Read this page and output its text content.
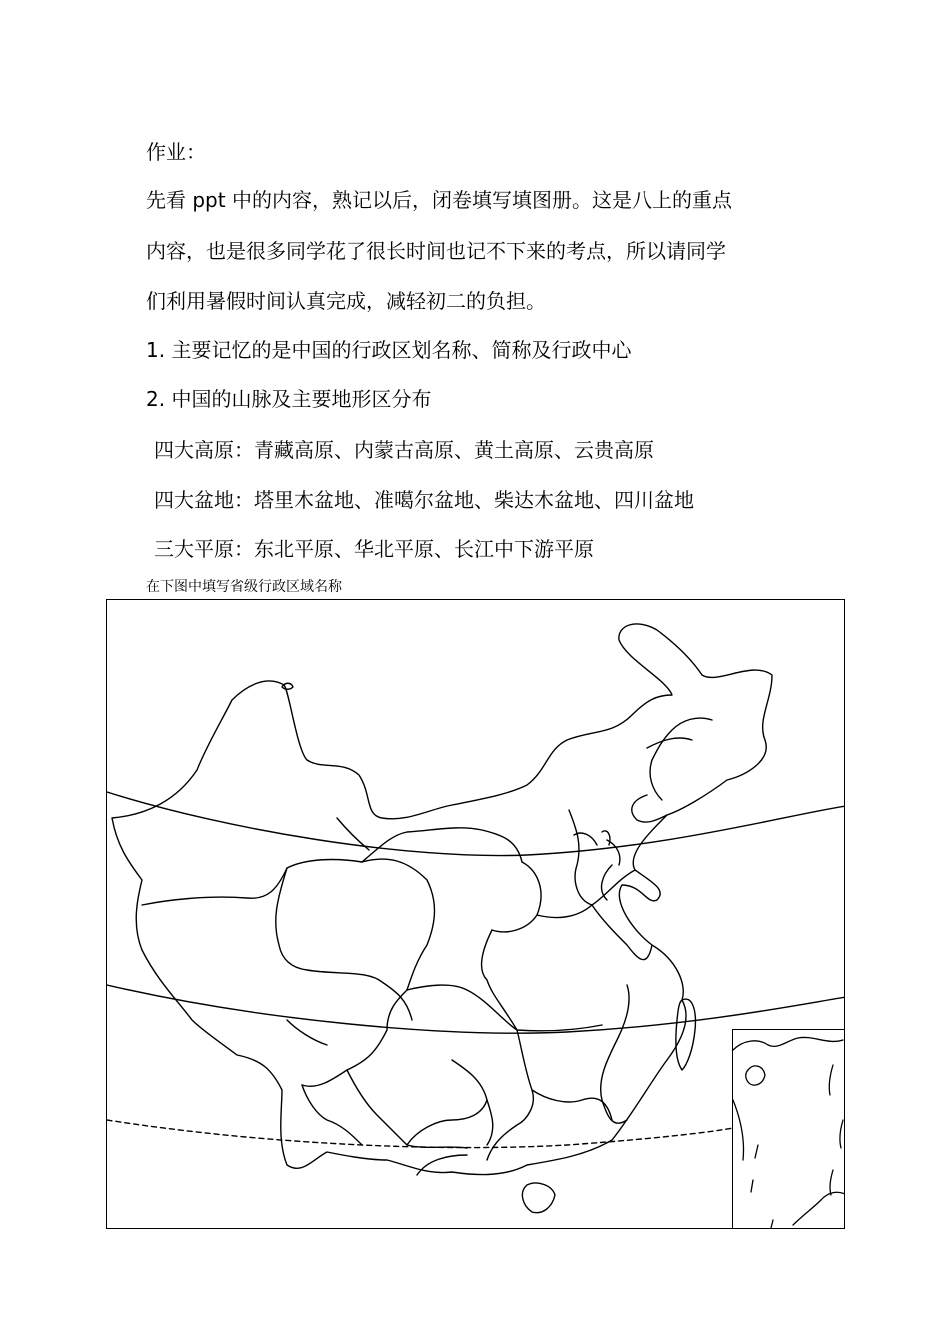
作业：
先看 ppt 中的内容，熟记以后，闭卷填写填图册。这是八上的重点
内容，也是很多同学花了很长时间也记不下来的考点，所以请同学
们利用暑假时间认真完成，减轻初二的负担。
1. 主要记忆的是中国的行政区划名称、简称及行政中心
2. 中国的山脉及主要地形区分布
四大高原：青藏高原、内蒙古高原、黄土高原、云贵高原
四大盆地：塔里木盆地、准噶尔盆地、柴达木盆地、四川盆地
三大平原：东北平原、华北平原、长江中下游平原
在下图中填写省级行政区域名称
